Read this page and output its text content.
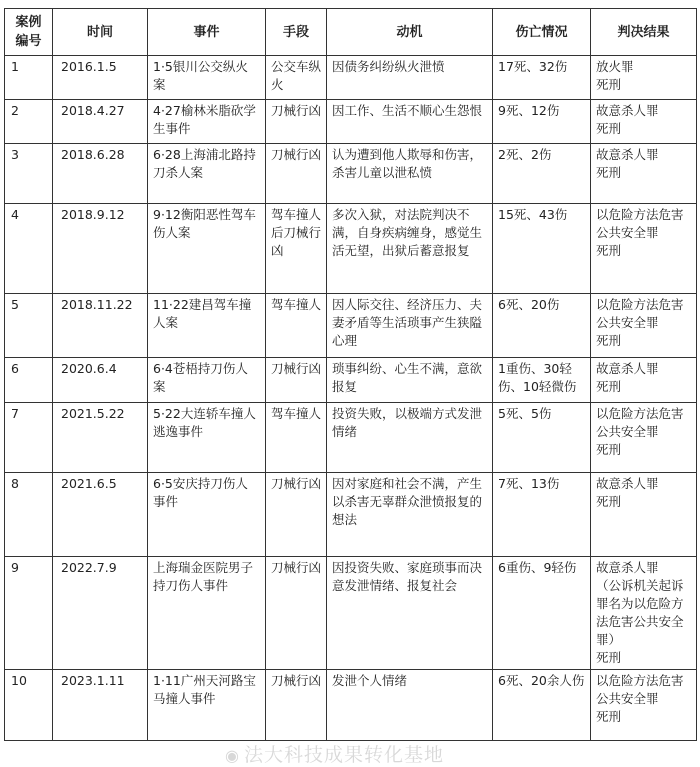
案例
编号	时间	事件	手段	动机	伤亡情况	判决结果
1	2016.1.5	1·5银川公交纵火案	公交车纵火	因债务纠纷纵火泄愤	17死、32伤	放火罪
死刑
2	2018.4.27	4·27榆林米脂砍学生事件	刀械行凶	因工作、生活不顺心生怨恨	9死、12伤	故意杀人罪
死刑
3	2018.6.28	6·28上海浦北路持刀杀人案	刀械行凶	认为遭到他人欺辱和伤害，杀害儿童以泄私愤	2死、2伤	故意杀人罪
死刑
4	2018.9.12	9·12衡阳恶性驾车伤人案	驾车撞人后刀械行凶	多次入狱，对法院判决不满，自身疾病缠身，感觉生活无望，出狱后蓄意报复	15死、43伤	以危险方法危害公共安全罪
死刑
5	2018.11.22	11·22建昌驾车撞人案	驾车撞人	因人际交往、经济压力、夫妻矛盾等生活琐事产生狭隘心理	6死、20伤	以危险方法危害公共安全罪
死刑
6	2020.6.4	6·4苍梧持刀伤人案	刀械行凶	琐事纠纷、心生不满，意欲报复	1重伤、30轻伤、10轻微伤	故意杀人罪
死刑
7	2021.5.22	5·22大连轿车撞人逃逸事件	驾车撞人	投资失败，以极端方式发泄情绪	5死、5伤	以危险方法危害公共安全罪
死刑
8	2021.6.5	6·5安庆持刀伤人事件	刀械行凶	因对家庭和社会不满，产生以杀害无辜群众泄愤报复的想法	7死、13伤	故意杀人罪
死刑
9	2022.7.9	上海瑞金医院男子持刀伤人事件	刀械行凶	因投资失败、家庭琐事而决意发泄情绪、报复社会	6重伤、9轻伤	故意杀人罪
（公诉机关起诉罪名为以危险方法危害公共安全罪）
死刑
10	2023.1.11	1·11广州天河路宝马撞人事件	刀械行凶	发泄个人情绪	6死、20余人伤	以危险方法危害公共安全罪
死刑
◉ 法大科技成果转化基地
